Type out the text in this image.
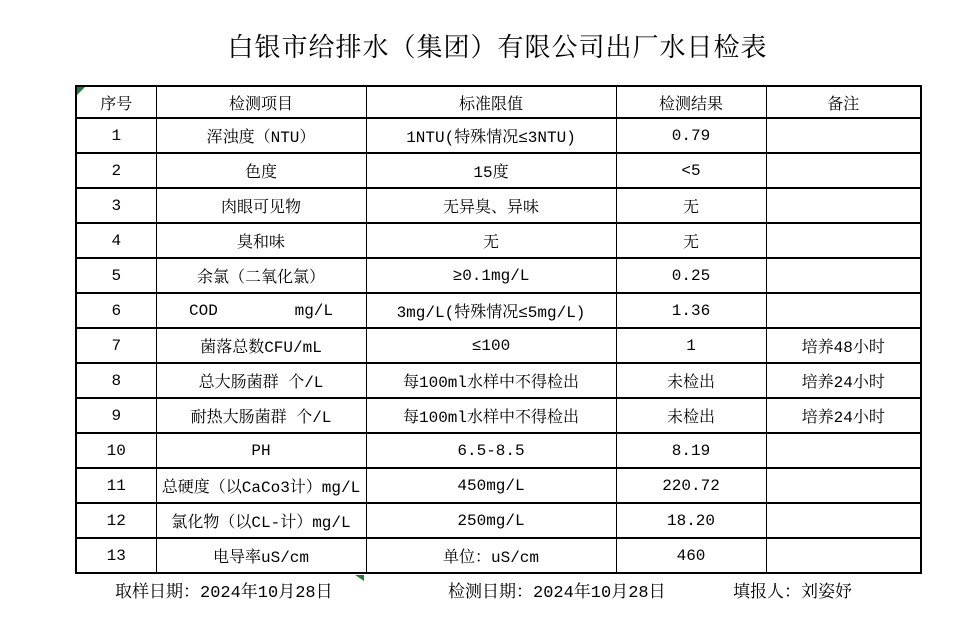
白银市给排水（集团）有限公司出厂水日检表
序号	检测项目	标准限值	检测结果	备注
1	浑浊度（NTU）	1NTU(特殊情况≤3NTU)	0.79	
2	色度	15度	<5	
3	肉眼可见物	无异臭、异味	无	
4	臭和味	无	无	
5	余氯（二氧化氯）	≥0.1mg/L	0.25	
6	COD        mg/L	3mg/L(特殊情况≤5mg/L)	1.36	
7	菌落总数CFU/mL	≤100	1	培养48小时
8	总大肠菌群 个/L	每100ml水样中不得检出	未检出	培养24小时
9	耐热大肠菌群 个/L	每100ml水样中不得检出	未检出	培养24小时
10	PH	6.5-8.5	8.19	
11	总硬度（以CaCo3计）mg/L	450mg/L	220.72	
12	氯化物（以CL-计）mg/L	250mg/L	18.20	
13	电导率uS/cm	单位：uS/cm	460	
取样日期：2024年10月28日	检测日期：2024年10月28日	填报人：刘姿妤
